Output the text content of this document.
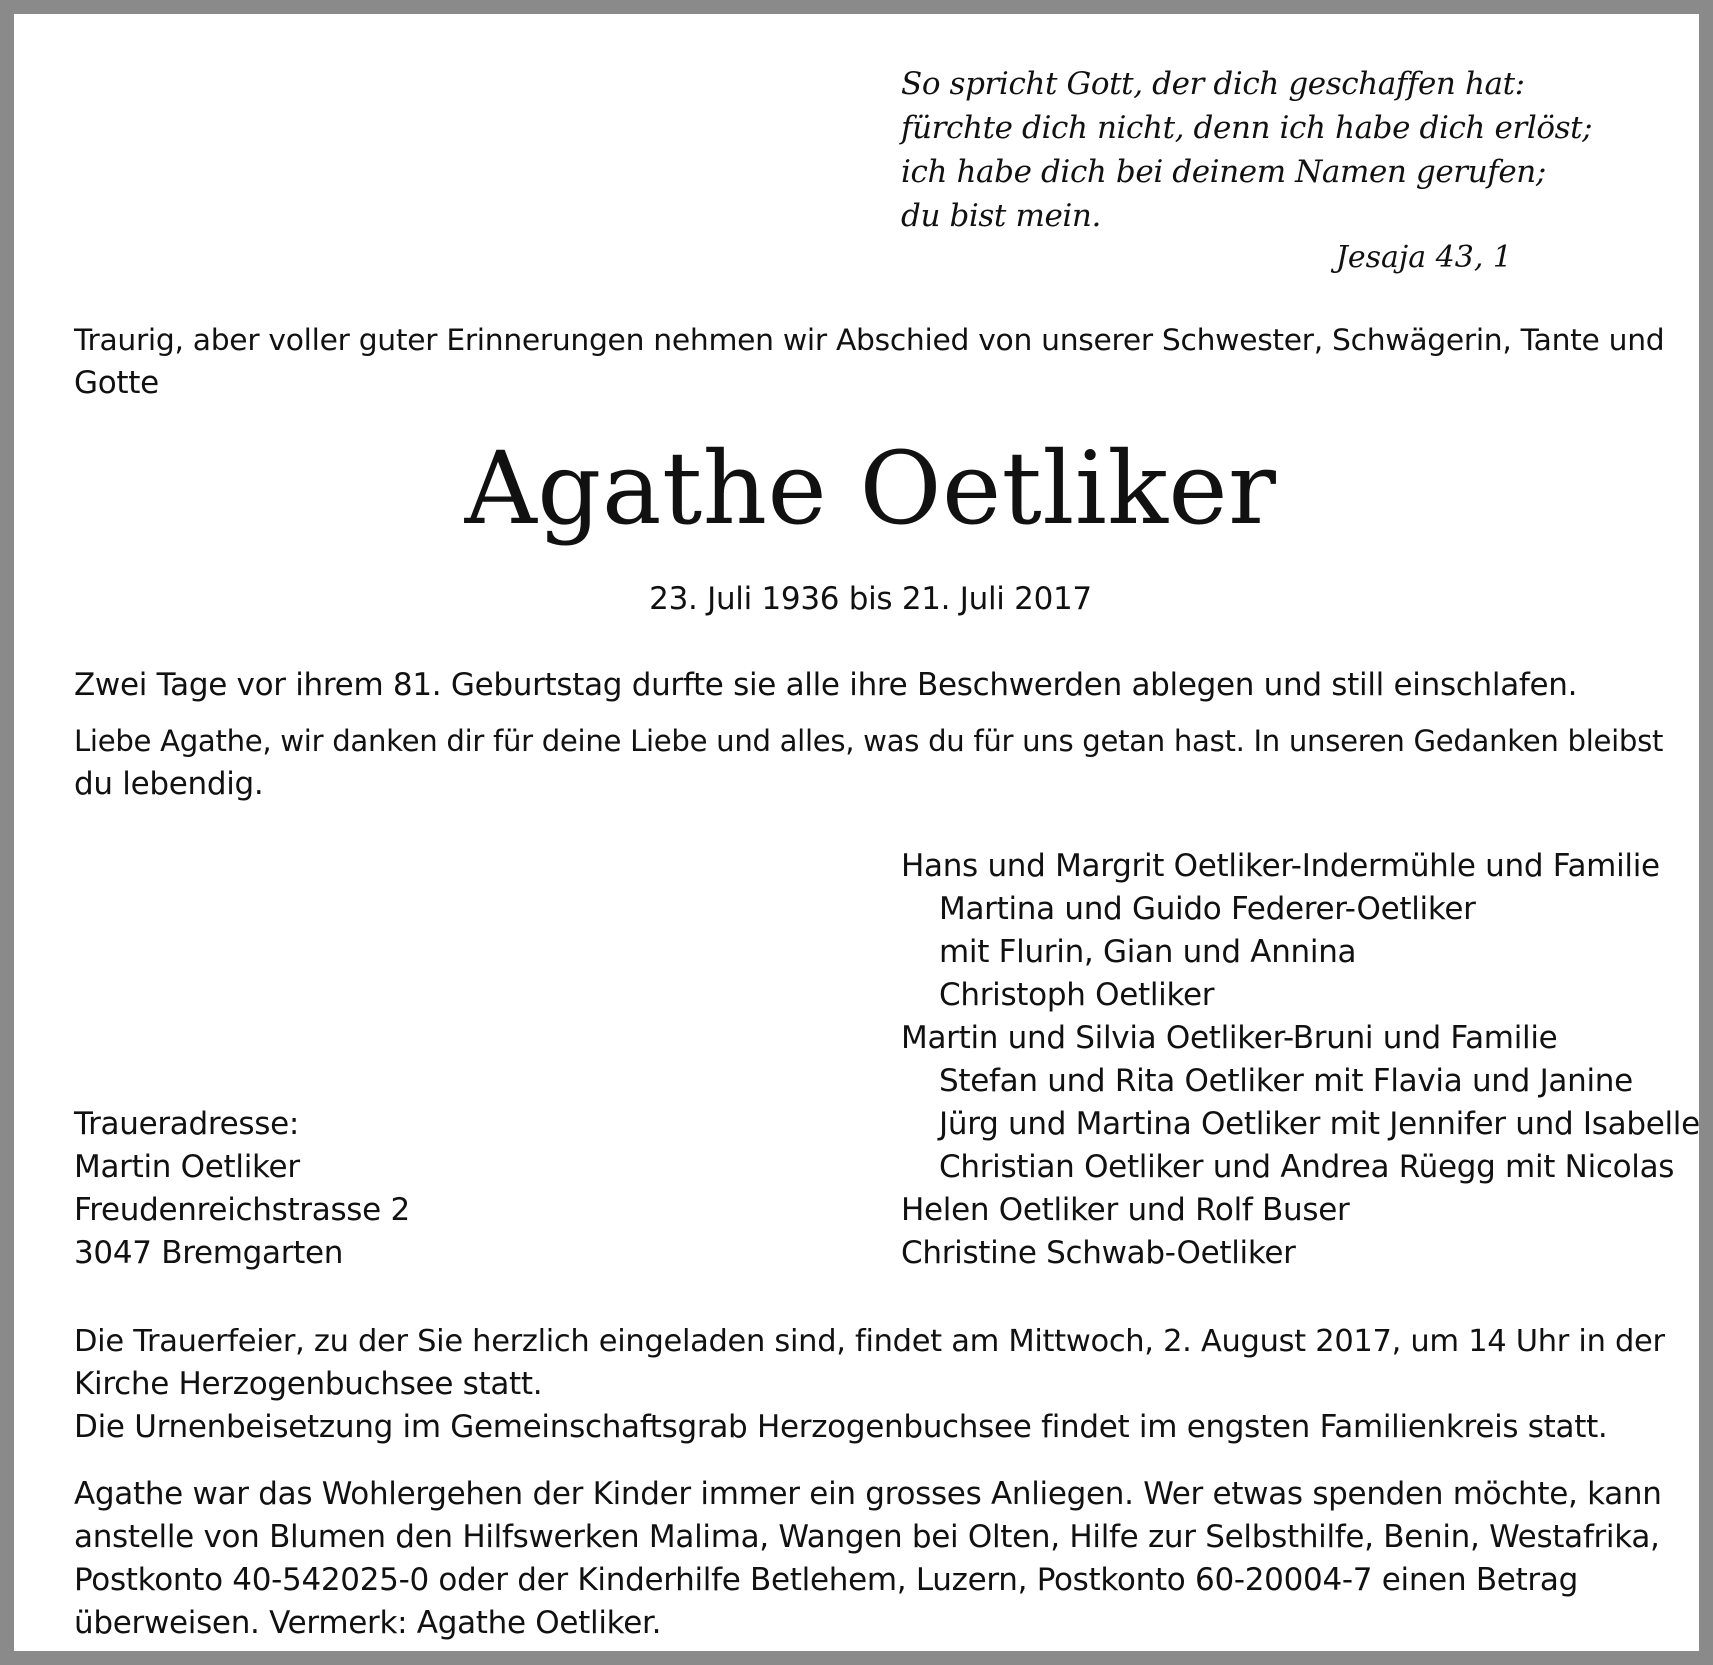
So spricht Gott, der dich geschaffen hat:
fürchte dich nicht, denn ich habe dich erlöst;
ich habe dich bei deinem Namen gerufen;
du bist mein.
Jesaja 43, 1
Traurig, aber voller guter Erinnerungen nehmen wir Abschied von unserer Schwester, Schwägerin, Tante und
Gotte
Agathe Oetliker
23. Juli 1936 bis 21. Juli 2017
Zwei Tage vor ihrem 81. Geburtstag durfte sie alle ihre Beschwerden ablegen und still einschlafen.
Liebe Agathe, wir danken dir für deine Liebe und alles, was du für uns getan hast. In unseren Gedanken bleibst
du lebendig.
Hans und Margrit Oetliker-Indermühle und Familie
Martina und Guido Federer-Oetliker
mit Flurin, Gian und Annina
Christoph Oetliker
Martin und Silvia Oetliker-Bruni und Familie
Stefan und Rita Oetliker mit Flavia und Janine
Jürg und Martina Oetliker mit Jennifer und Isabelle
Christian Oetliker und Andrea Rüegg mit Nicolas
Helen Oetliker und Rolf Buser
Christine Schwab-Oetliker
Traueradresse:
Martin Oetliker
Freudenreichstrasse 2
3047 Bremgarten
Die Trauerfeier, zu der Sie herzlich eingeladen sind, findet am Mittwoch, 2. August 2017, um 14 Uhr in der
Kirche Herzogenbuchsee statt.
Die Urnenbeisetzung im Gemeinschaftsgrab Herzogenbuchsee findet im engsten Familienkreis statt.
Agathe war das Wohlergehen der Kinder immer ein grosses Anliegen. Wer etwas spenden möchte, kann
anstelle von Blumen den Hilfswerken Malima, Wangen bei Olten, Hilfe zur Selbsthilfe, Benin, Westafrika,
Postkonto 40-542025-0 oder der Kinderhilfe Betlehem, Luzern, Postkonto 60-20004-7 einen Betrag
überweisen. Vermerk: Agathe Oetliker.
